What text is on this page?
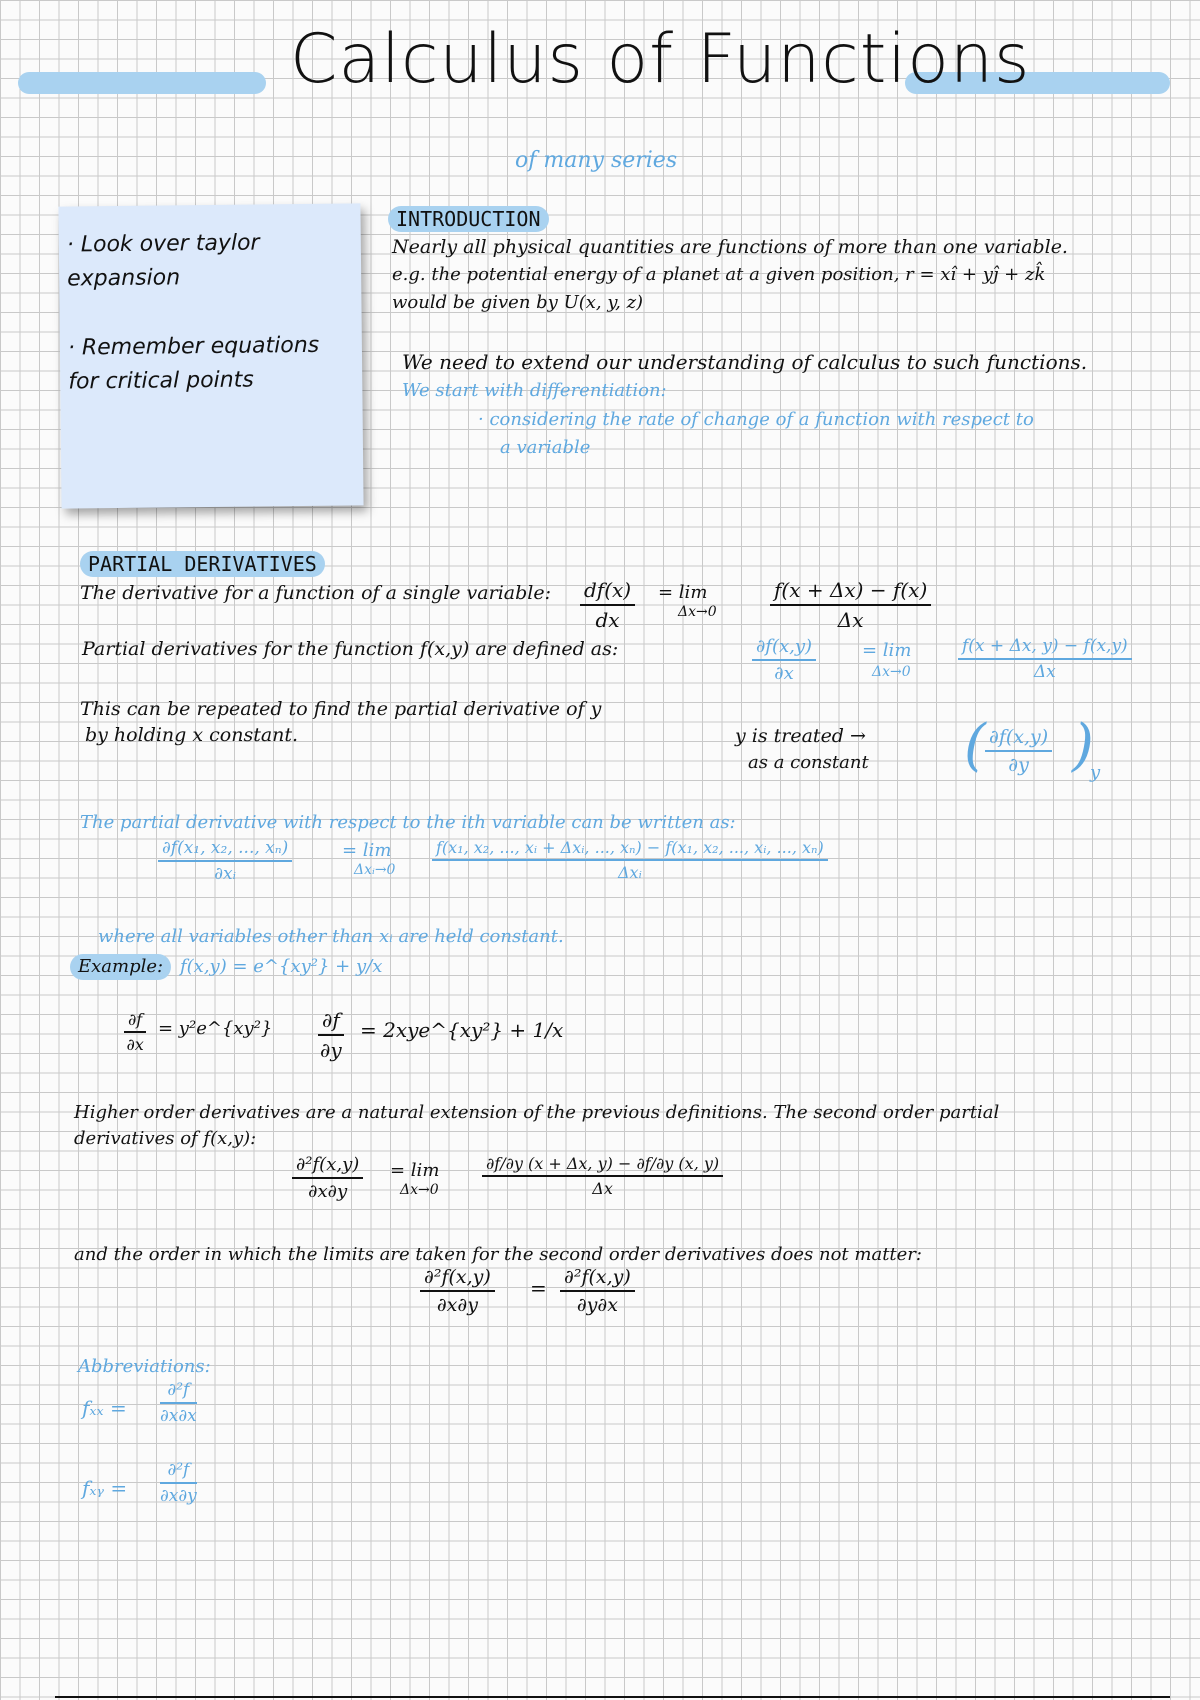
Calculus of Functions
of many series
· Look over taylor
expansion
· Remember equations
for critical points
INTRODUCTION
Nearly all physical quantities are functions of more than one variable.
e.g. the potential energy of a planet at a given position, r = xî + yĵ + zk̂
would be given by U(x, y, z)
We need to extend our understanding of calculus to such functions.
We start with differentiation:
· considering the rate of change of a function with respect to
a variable
PARTIAL DERIVATIVES
The derivative for a function of a single variable: df(x)
dx
= lim
Δx→0
f(x + Δx) − f(x)
Δx
Partial derivatives for the function f(x,y) are defined as:	∂f(x,y)
∂x
= lim
Δx→0
f(x + Δx, y) − f(x,y)
Δx
This can be repeated to find the partial derivative of y
by holding x constant.	y is treated →
as a constant ( ∂f(x,y)
∂y )
y
The partial derivative with respect to the ith variable can be written as:
∂f(x₁, x₂, ..., xₙ)
∂xᵢ
= lim
Δxᵢ→0
f(x₁, x₂, ..., xᵢ + Δxᵢ, ..., xₙ) − f(x₁, x₂, ..., xᵢ, ..., xₙ)
Δxᵢ
where all variables other than xᵢ are held constant.
Example: f(x,y) = e^{xy²} + y/x
∂f
∂x
= y²e^{xy²} ∂f
∂y
= 2xye^{xy²} + 1/x
Higher order derivatives are a natural extension of the previous definitions. The second order partial
derivatives of f(x,y):
∂²f(x,y)
∂x∂y
= lim
Δx→0
∂f/∂y (x + Δx, y) − ∂f/∂y (x, y)
Δx
and the order in which the limits are taken for the second order derivatives does not matter:
∂²f(x,y)
∂x∂y
= ∂²f(x,y)
∂y∂x
Abbreviations:
fₓₓ =
∂²f
∂x∂x
fₓᵧ =
∂²f
∂x∂y
